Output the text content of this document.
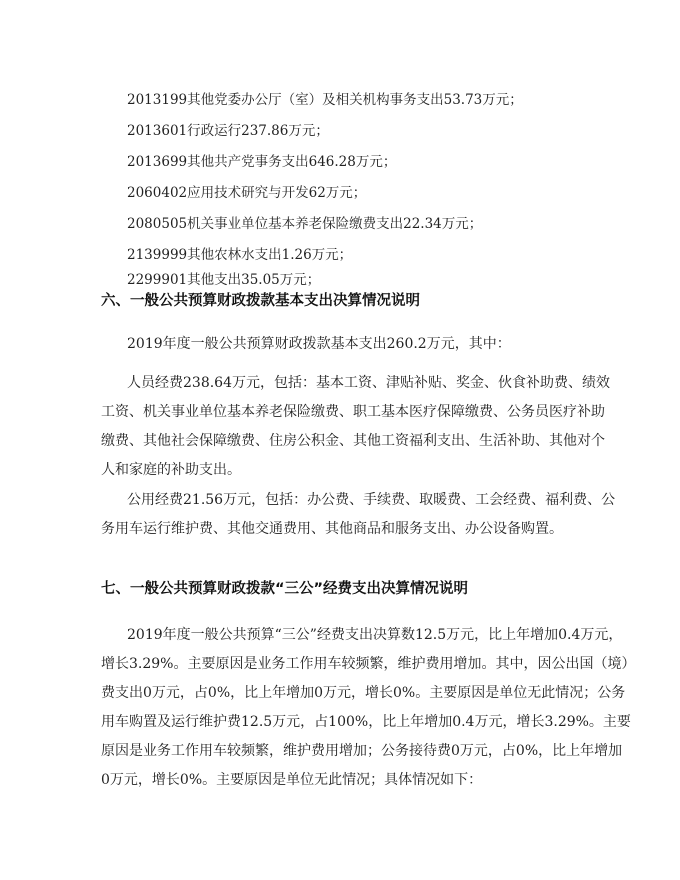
2013199其他党委办公厅（室）及相关机构事务支出53.73万元；
2013601行政运行237.86万元；
2013699其他共产党事务支出646.28万元；
2060402应用技术研究与开发62万元；
2080505机关事业单位基本养老保险缴费支出22.34万元；
2139999其他农林水支出1.26万元；
2299901其他支出35.05万元；
六、一般公共预算财政拨款基本支出决算情况说明
2019年度一般公共预算财政拨款基本支出260.2万元，其中：
人员经费238.64万元，包括：基本工资、津贴补贴、奖金、伙食补助费、绩效
工资、机关事业单位基本养老保险缴费、职工基本医疗保障缴费、公务员医疗补助
缴费、其他社会保障缴费、住房公积金、其他工资福利支出、生活补助、其他对个
人和家庭的补助支出。
公用经费21.56万元，包括：办公费、手续费、取暖费、工会经费、福利费、公
务用车运行维护费、其他交通费用、其他商品和服务支出、办公设备购置。
七、一般公共预算财政拨款“三公”经费支出决算情况说明
2019年度一般公共预算“三公”经费支出决算数12.5万元，比上年增加0.4万元，
增长3.29%。主要原因是业务工作用车较频繁，维护费用增加。其中，因公出国（境）
费支出0万元，占0%，比上年增加0万元，增长0%。主要原因是单位无此情况；公务
用车购置及运行维护费12.5万元，占100%，比上年增加0.4万元，增长3.29%。主要
原因是业务工作用车较频繁，维护费用增加；公务接待费0万元，占0%，比上年增加
0万元，增长0%。主要原因是单位无此情况；具体情况如下：
